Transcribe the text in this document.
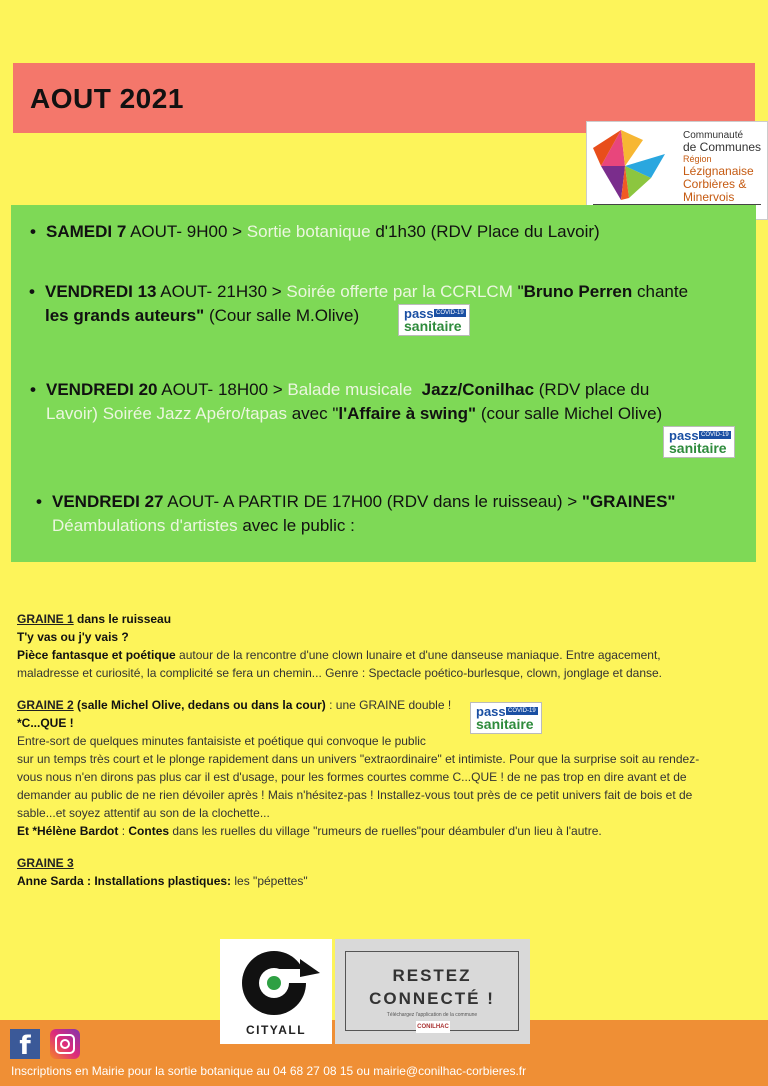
AOUT 2021
Communauté
de Communes
Région
Lézignanaise
Corbières &
Minervois
• SAMEDI 7 AOUT- 9H00 > Sortie botanique d'1h30 (RDV Place du Lavoir)
• VENDREDI 13 AOUT- 21H30 > Soirée offerte par la CCRLCM "Bruno Perren chante
les grands auteurs" (Cour salle M.Olive)	pass COVID-19
sanitaire
• VENDREDI 20 AOUT- 18H00 > Balade musicale Jazz/Conilhac (RDV place du
Lavoir) Soirée Jazz Apéro/tapas avec "l'Affaire à swing" (cour salle Michel Olive)
pass COVID-19
sanitaire
• VENDREDI 27 AOUT- A PARTIR DE 17H00 (RDV dans le ruisseau) > "GRAINES"
Déambulations d'artistes avec le public :
GRAINE 1 dans le ruisseau
T'y vas ou j'y vais ?
Pièce fantasque et poétique autour de la rencontre d'une clown lunaire et d'une danseuse maniaque. Entre agacement,
maladresse et curiosité, la complicité se fera un chemin... Genre : Spectacle poético-burlesque, clown, jonglage et danse.
GRAINE 2 (salle Michel Olive, dedans ou dans la cour) : une GRAINE double !
*C...QUE !
Entre-sort de quelques minutes fantaisiste et poétique qui convoque le public
sur un temps très court et le plonge rapidement dans un univers "extraordinaire" et intimiste. Pour que la surprise soit au rendez-
vous nous n'en dirons pas plus car il est d'usage, pour les formes courtes comme C...QUE ! de ne pas trop en dire avant et de
demander au public de ne rien dévoiler après ! Mais n'hésitez-pas ! Installez-vous tout près de ce petit univers fait de bois et de
sable...et soyez attentif au son de la clochette...
Et *Hélène Bardot : Contes dans les ruelles du village "rumeurs de ruelles"pour déambuler d'un lieu à l'autre.
GRAINE 3
Anne Sarda : Installations plastiques: les "pépettes"
pass COVID-19
sanitaire
CITYALL
RESTEZ
CONNECTÉ !
Téléchargez l'application de la commune
CONILHAC
f
Inscriptions en Mairie pour la sortie botanique au 04 68 27 08 15 ou mairie@conilhac-corbieres.fr
